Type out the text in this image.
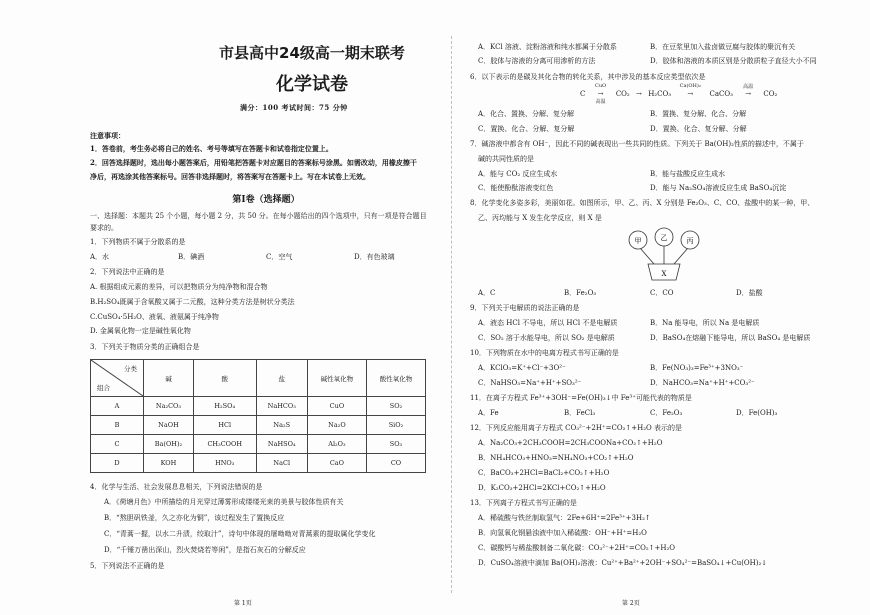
市县高中24级高一期末联考
化学试卷
满分：100 考试时间：75 分钟
注意事项：
1．答卷前，考生务必将自己的姓名、考号等填写在答题卡和试卷指定位置上。
2．回答选择题时，选出每小题答案后，用铅笔把答题卡对应题目的答案标号涂黑。如需改动，用橡皮擦干
净后，再选涂其他答案标号。回答非选择题时，将答案写在答题卡上。写在本试卷上无效。
第Ⅰ卷（选择题）
一、选择题：本题共 25 个小题，每小题 2 分，共 50 分。在每小题给出的四个选项中，只有一项是符合题目
要求的。
1．下列物质不属于分散系的是
A．水	B．碘酒	C．空气	D．有色玻璃
2．下列说法中正确的是
A. 根据组成元素的差异，可以把物质分为纯净物和混合物
B.H₂SO₄既属于含氧酸又属于二元酸，这种分类方法是树状分类法
C.CuSO₄·5H₂O、液氧、液氨属于纯净物
D. 金属氧化物一定是碱性氧化物
3．下列关于物质分类的正确组合是
分类
组合	碱	酸	盐	碱性氧化物	酸性氧化物
A	Na₂CO₃	H₂SO₄	NaHCO₃	CuO	SO₂
B	NaOH	HCl	Na₂S	Na₂O	SiO₂
C	Ba(OH)₂	CH₃COOH	NaHSO₄	Al₂O₃	SO₃
D	KOH	HNO₃	NaCl	CaO	CO
4．化学与生活、社会发展息息相关，下列说法错误的是
A．《荷塘月色》中所描绘的月光穿过薄雾形成缕缕光束的美景与胶体性质有关
B．“熬胆矾铁釜，久之亦化为铜”，该过程发生了置换反应
C．“青蒿一握，以水二升渍，绞取汁”，诗句中体现的屠呦呦对青蒿素的提取属化学变化
D．“千锤万凿出深山，烈火焚烧若等闲”，是指石灰石的分解反应
5．下列说法不正确的是
第 1页
A．KCl 溶液、淀粉溶液和纯水都属于分散系	B．在豆浆里加入盐卤做豆腐与胶体的聚沉有关
C．胶体与溶液的分离可用渗析的方法	D．胶体和溶液的本质区别是分散质粒子直径大小不同
6．以下表示的是碳及其化合物的转化关系，其中涉及的基本反应类型依次是
C
CuO
→
高温
CO₂ → H₂CO₃
Ca(OH)₂
→ CaCO₃
高温
→ CO₂
A．化合、置换、分解、复分解	B．置换、复分解、化合、分解
C．置换、化合、分解、复分解	D．置换、化合、复分解、分解
7．碱溶液中都含有 OH⁻，因此不同的碱表现出一些共同的性质。下列关于 Ba(OH)₂性质的描述中，不属于
碱的共同性质的是
A．能与 CO₂ 反应生成水	B．能与盐酸反应生成水
C．能使酚酞溶液变红色	D．能与 Na₂SO₄溶液反应生成 BaSO₄沉淀
8．化学变化多姿多彩，美丽如花。如图所示，甲、乙、丙、X 分别是 Fe₂O₃、C、CO、盐酸中的某一种，甲、
乙、丙均能与 X 发生化学反应，则 X 是
甲	乙	丙
X
A．C	B．Fe₂O₃	C．CO	D．盐酸
9．下列关于电解质的说法正确的是
A．液态 HCl 不导电，所以 HCl 不是电解质	B．Na 能导电，所以 Na 是电解质
C．SO₂ 溶于水能导电，所以 SO₂ 是电解质	D．BaSO₄在熔融下能导电，所以 BaSO₄ 是电解质
10．下列物质在水中的电离方程式书写正确的是
A．KClO₃=K⁺+Cl⁻+3O²⁻	B．Fe(NO₃)₃=Fe³⁺+3NO₃⁻
C．NaHSO₃=Na⁺+H⁺+SO₃²⁻	D．NaHCO₃=Na⁺+H⁺+CO₃²⁻
11．在离子方程式 Fe³⁺+3OH⁻=Fe(OH)₃↓中 Fe³⁺可能代表的物质是
A．Fe	B．FeCl₃	C．Fe₂O₃	D．Fe(OH)₃
12．下列反应能用离子方程式 CO₃²⁻+2H⁺=CO₂↑+H₂O 表示的是
A．Na₂CO₃+2CH₃COOH=2CH₃COONa+CO₂↑+H₂O
B．NH₄HCO₃+HNO₃=NH₄NO₃+CO₂↑+H₂O
C．BaCO₃+2HCl=BaCl₂+CO₂↑+H₂O
D．K₂CO₃+2HCl=2KCl+CO₂↑+H₂O
13．下列离子方程式书写正确的是
A．稀硫酸与铁丝制取氢气：2Fe+6H⁺=2Fe³⁺+3H₂↑
B．向氢氧化钢悬浊液中加入稀硫酸：OH⁻+H⁺=H₂O
C．碳酸钙与稀盐酸制备二氧化碳：CO₃²⁻+2H⁺=CO₂↑+H₂O
D．CuSO₄溶液中滴加 Ba(OH)₂溶液：Cu²⁺+Ba²⁺+2OH⁻+SO₄²⁻=BaSO₄↓+Cu(OH)₂↓
第 2页
